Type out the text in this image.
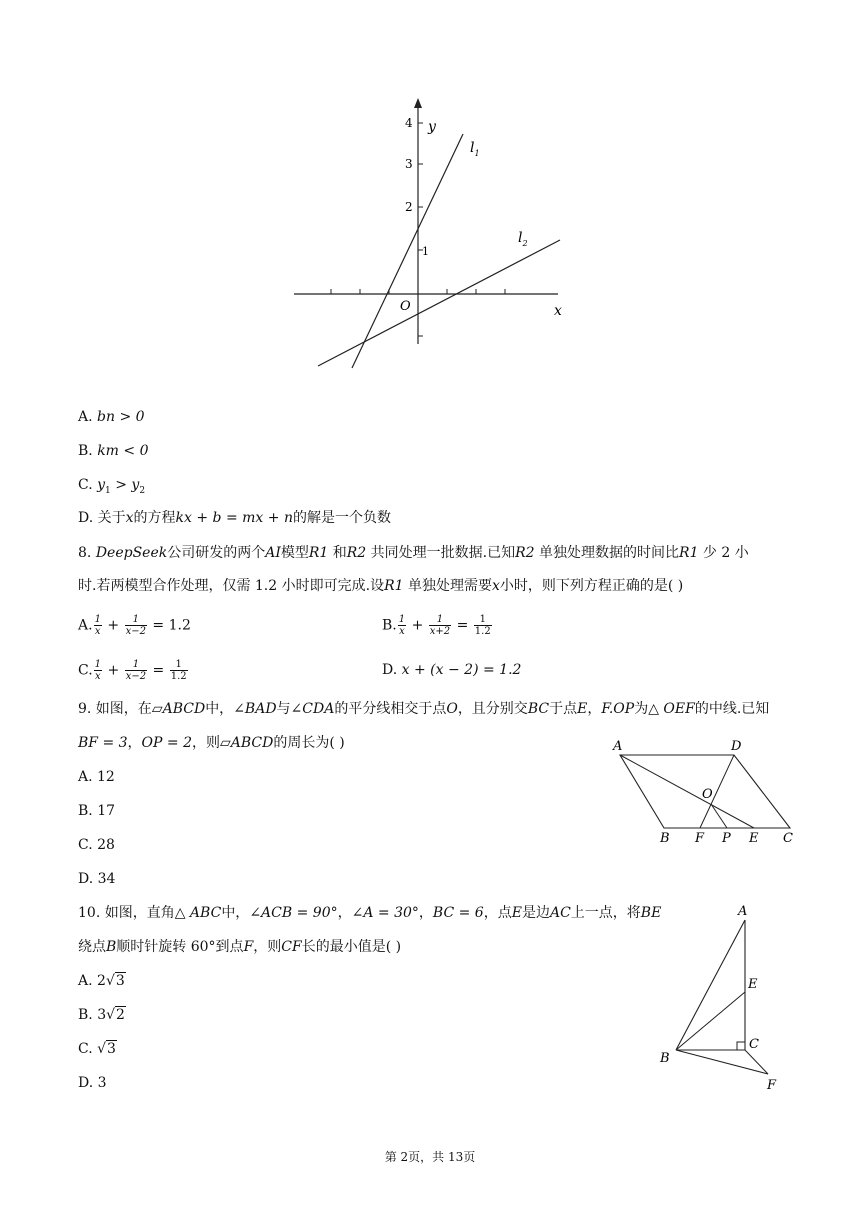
4 y
3
2
1
O	x
$l_1$
$l_2$
A. bn > 0
B. km < 0
C. $y_1 > y_2$
D. 关于x的方程kx + b = mx + n的解是一个负数
8. DeepSeek公司研发的两个AI模型R1 和R2 共同处理一批数据.已知R2 单独处理数据的时间比R1 少 2 小
时.若两模型合作处理，仅需 1.2 小时即可完成.设R1 单独处理需要x小时，则下列方程正确的是( )
A. $\frac{1}{x} + \frac{1}{x-2} = 1.2$	B. $\frac{1}{x} + \frac{1}{x+2} = \frac{1}{1.2}$
C. $\frac{1}{x} + \frac{1}{x-2} = \frac{1}{1.2}$	D. x + (x − 2) = 1.2
9. 如图，在▱ABCD中，∠BAD与∠CDA的平分线相交于点O，且分别交BC于点E，F.OP为△ OEF的中线.已知
BF = 3，OP = 2，则▱ABCD的周长为( )
A. 12
B. 17
C. 28
D. 34
A	D
O
B F P E C
10. 如图，直角△ ABC中，∠ACB = 90°，∠A = 30°，BC = 6，点E是边AC上一点，将BE
绕点B顺时针旋转 60°到点F，则CF长的最小值是( )
A. 2√3
B. 3√2
C. √3
D. 3
A
E
C
B
F
第 2页，共 13页
